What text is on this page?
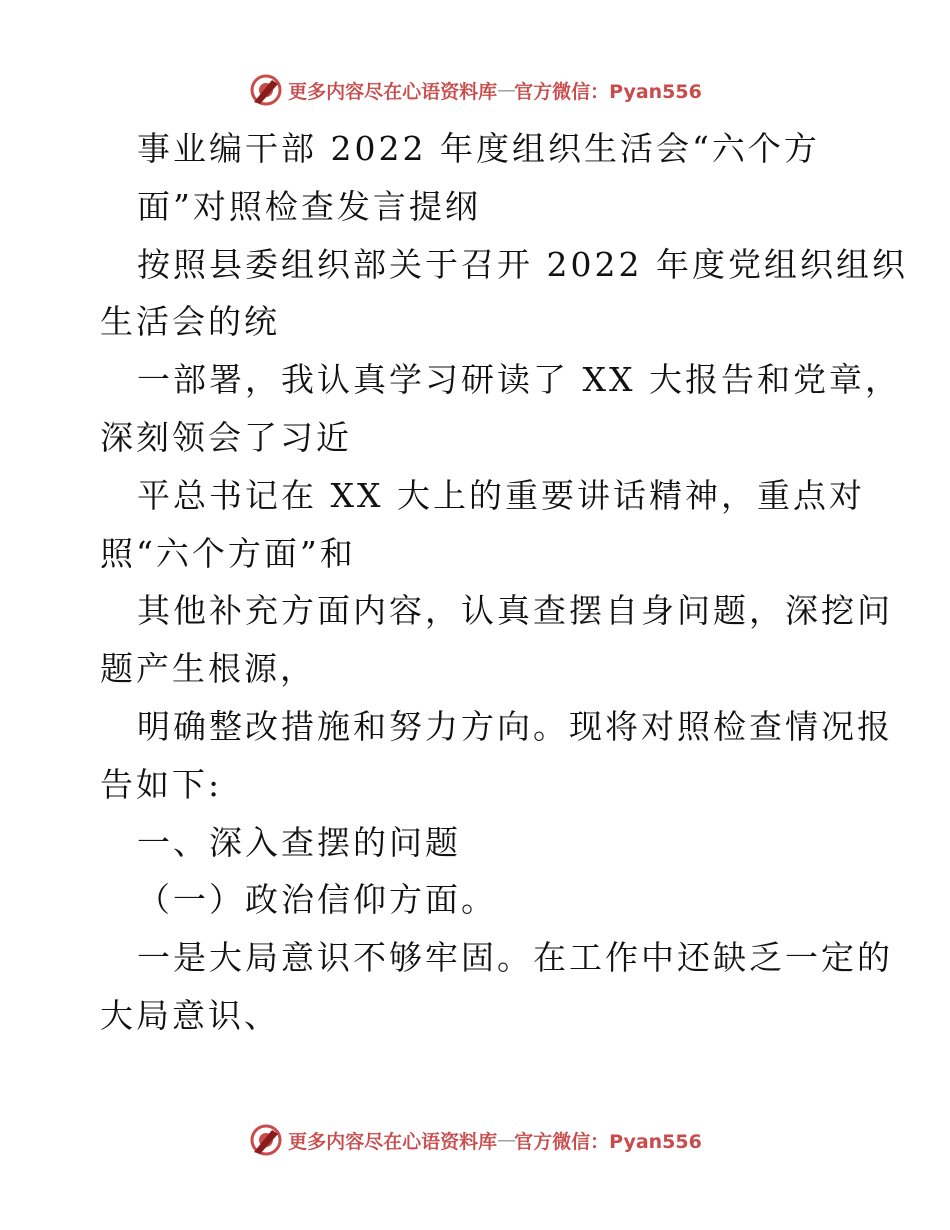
更多内容尽在心语资料库 — 官方微信：Pyan556
事业编干部 2022 年度组织生活会“六个方
面”对照检查发言提纲
按照县委组织部关于召开 2022 年度党组织组织
生活会的统
一部署，我认真学习研读了 XX 大报告和党章，
深刻领会了习近
平总书记在 XX 大上的重要讲话精神，重点对
照“六个方面”和
其他补充方面内容，认真查摆自身问题，深挖问
题产生根源，
明确整改措施和努力方向。现将对照检查情况报
告如下:
一、深入查摆的问题
（一）政治信仰方面。
一是大局意识不够牢固。在工作中还缺乏一定的
大局意识、
更多内容尽在心语资料库 — 官方微信：Pyan556
